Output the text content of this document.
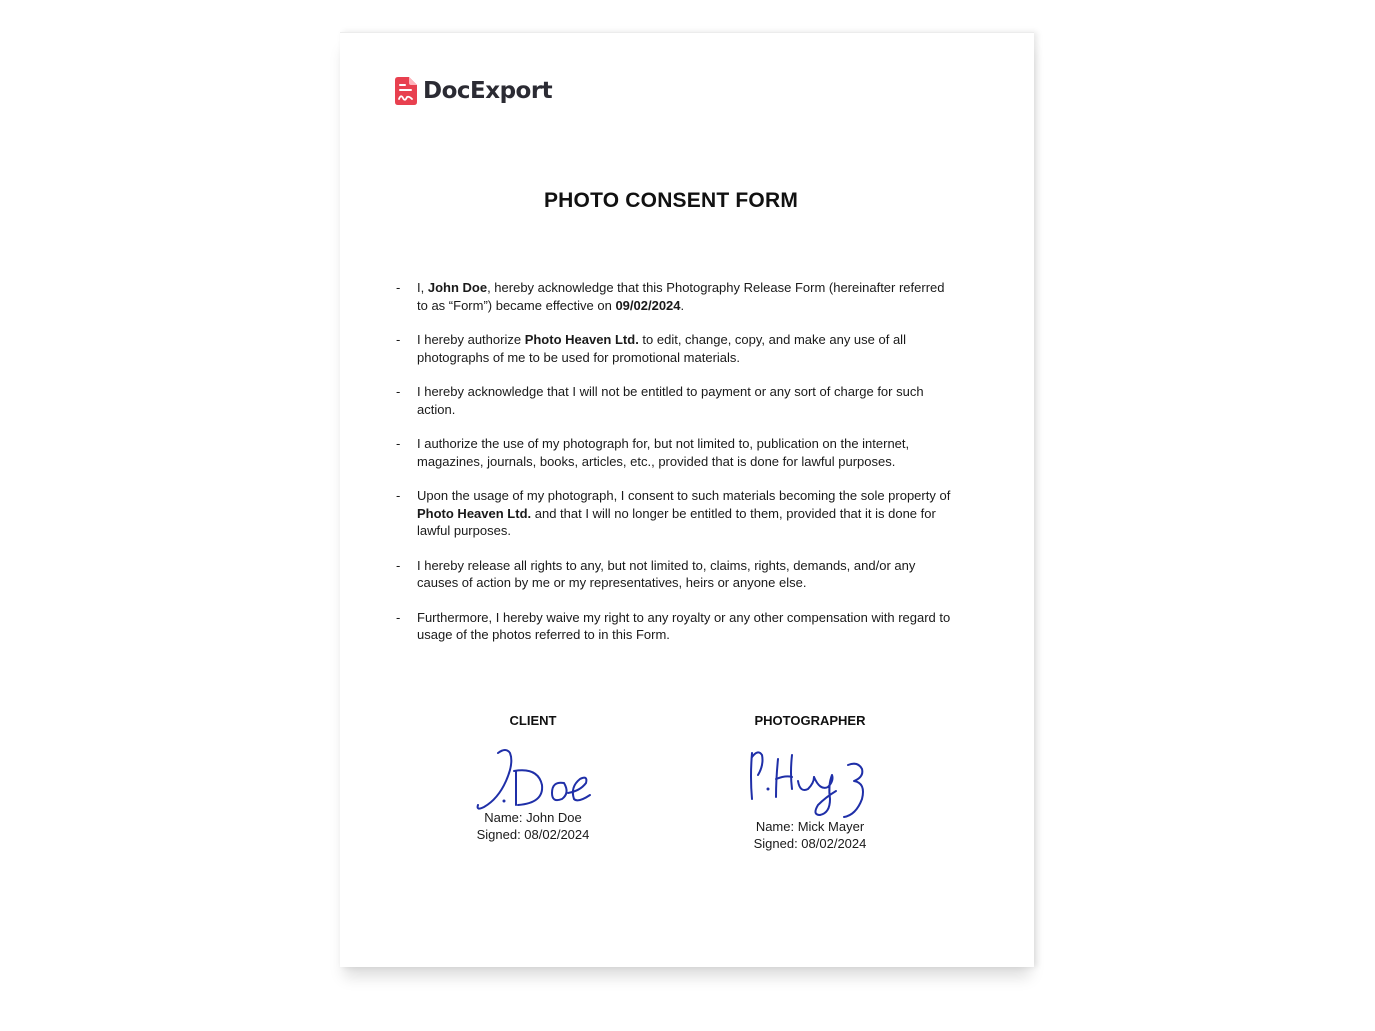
DocExport
PHOTO CONSENT FORM
- I, John Doe, hereby acknowledge that this Photography Release Form (hereinafter referred to as “Form”) became effective on 09/02/2024.
- I hereby authorize Photo Heaven Ltd. to edit, change, copy, and make any use of all photographs of me to be used for promotional materials.
- I hereby acknowledge that I will not be entitled to payment or any sort of charge for such action.
- I authorize the use of my photograph for, but not limited to, publication on the internet, magazines, journals, books, articles, etc., provided that is done for lawful purposes.
- Upon the usage of my photograph, I consent to such materials becoming the sole property of Photo Heaven Ltd. and that I will no longer be entitled to them, provided that it is done for lawful purposes.
- I hereby release all rights to any, but not limited to, claims, rights, demands, and/or any causes of action by me or my representatives, heirs or anyone else.
- Furthermore, I hereby waive my right to any royalty or any other compensation with regard to usage of the photos referred to in this Form.
CLIENT
Name: John Doe
Signed: 08/02/2024
PHOTOGRAPHER
Name: Mick Mayer
Signed: 08/02/2024
